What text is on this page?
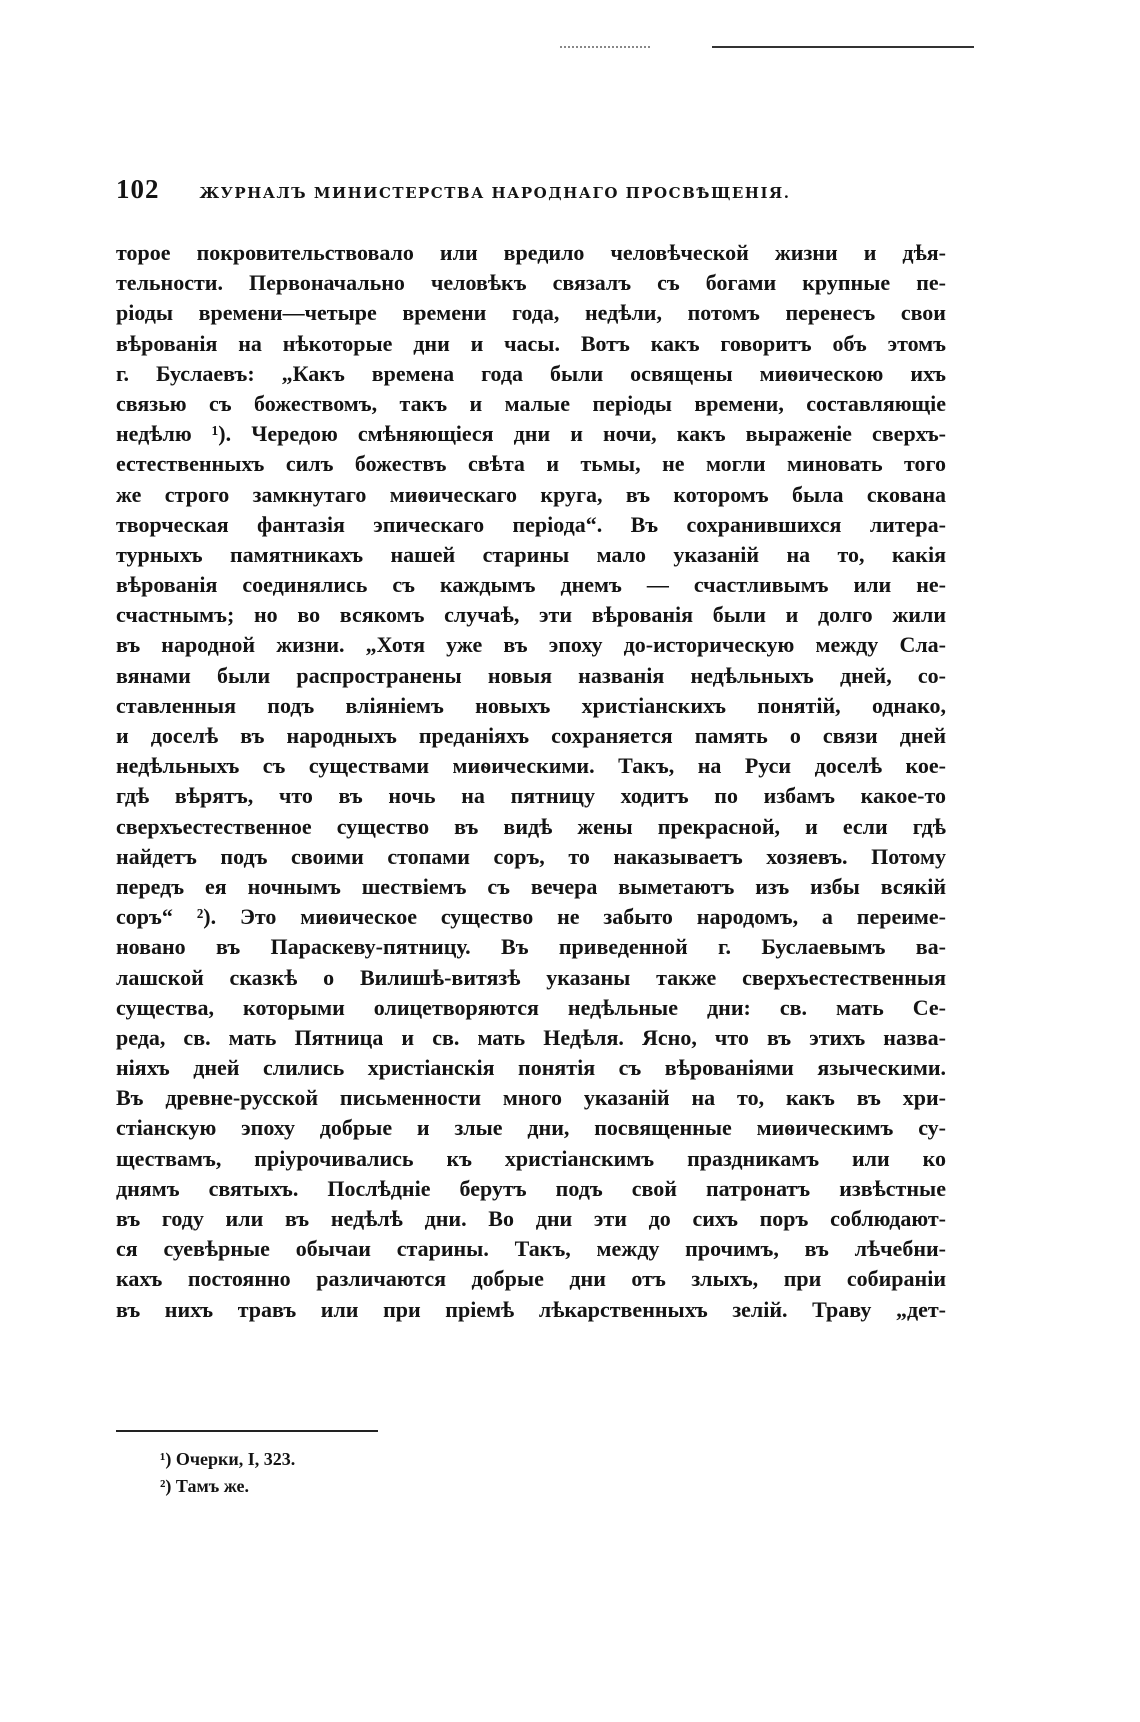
102	ЖУРНАЛЪ МИНИСТЕРСТВА НАРОДНАГО ПРОСВѢЩЕНІЯ.
торое покровительствовало или вредило человѣческой жизни и дѣя-
тельности. Первоначально человѣкъ связалъ съ богами крупные пе-
ріоды времени—четыре времени года, недѣли, потомъ перенесъ свои
вѣрованія на нѣкоторые дни и часы. Вотъ какъ говоритъ объ этомъ
г. Буслаевъ: „Какъ времена года были освящены миѳическою ихъ
связью съ божествомъ, такъ и малые періоды времени, составляющіе
недѣлю ¹). Чередою смѣняющіеся дни и ночи, какъ выраженіе сверхъ-
естественныхъ силъ божествъ свѣта и тьмы, не могли миновать того
же строго замкнутаго миѳическаго круга, въ которомъ была скована
творческая фантазія эпическаго періода“. Въ сохранившихся литера-
турныхъ памятникахъ нашей старины мало указаній на то, какія
вѣрованія соединялись съ каждымъ днемъ — счастливымъ или не-
счастнымъ; но во всякомъ случаѣ, эти вѣрованія были и долго жили
въ народной жизни. „Хотя уже въ эпоху до-историческую между Сла-
вянами были распространены новыя названія недѣльныхъ дней, со-
ставленныя подъ вліяніемъ новыхъ христіанскихъ понятій, однако,
и доселѣ въ народныхъ преданіяхъ сохраняется память о связи дней
недѣльныхъ съ существами миѳическими. Такъ, на Руси доселѣ кое-
гдѣ вѣрятъ, что въ ночь на пятницу ходитъ по избамъ какое-то
сверхъестественное существо въ видѣ жены прекрасной, и если гдѣ
найдетъ подъ своими стопами соръ, то наказываетъ хозяевъ. Потому
передъ ея ночнымъ шествіемъ съ вечера выметаютъ изъ избы всякій
соръ“ ²). Это миѳическое существо не забыто народомъ, а переиме-
новано въ Параскеву-пятницу. Въ приведенной г. Буслаевымъ ва-
лашской сказкѣ о Вилишѣ-витязѣ указаны также сверхъестественныя
существа, которыми олицетворяются недѣльные дни: св. мать Се-
реда, св. мать Пятница и св. мать Недѣля. Ясно, что въ этихъ назва-
ніяхъ дней слились христіанскія понятія съ вѣрованіями языческими.
Въ древне-русской письменности много указаній на то, какъ въ хри-
стіанскую эпоху добрые и злые дни, посвященные миѳическимъ су-
ществамъ, пріурочивались къ христіанскимъ праздникамъ или ко
днямъ святыхъ. Послѣдніе берутъ подъ свой патронатъ извѣстные
въ году или въ недѣлѣ дни. Во дни эти до сихъ поръ соблюдают-
ся суевѣрные обычаи старины. Такъ, между прочимъ, въ лѣчебни-
кахъ постоянно различаются добрые дни отъ злыхъ, при собираніи
въ нихъ травъ или при пріемѣ лѣкарственныхъ зелій. Траву „дет-
¹) Очерки, I, 323.
²) Тамъ же.
